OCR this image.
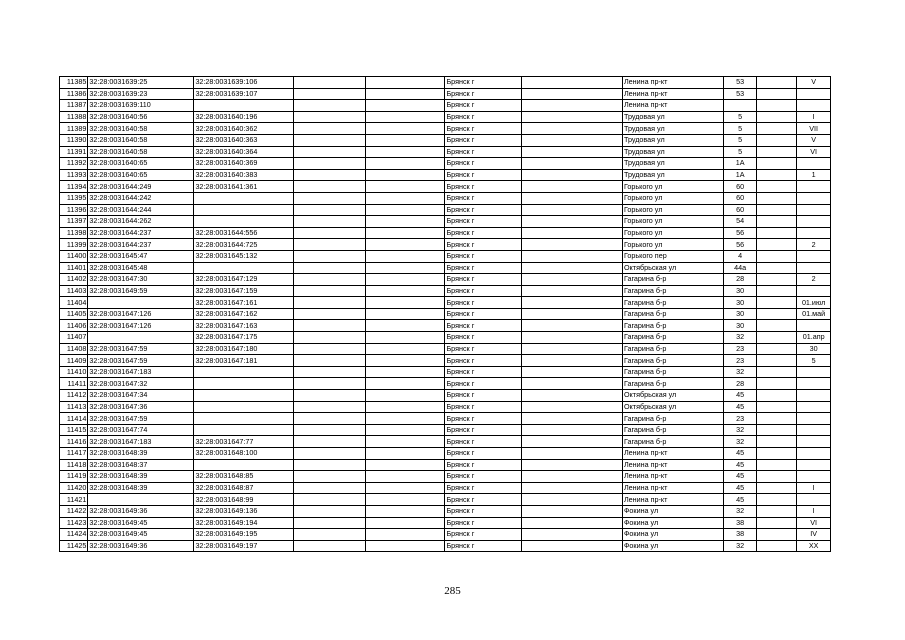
11385	32:28:0031639:25	32:28:0031639:106			Брянск г		Ленина пр-кт	53		V
11386	32:28:0031639:23	32:28:0031639:107			Брянск г		Ленина пр-кт	53		
11387	32:28:0031639:110				Брянск г		Ленина пр-кт			
11388	32:28:0031640:56	32:28:0031640:196			Брянск г		Трудовая ул	5		I
11389	32:28:0031640:58	32:28:0031640:362			Брянск г		Трудовая ул	5		VII
11390	32:28:0031640:58	32:28:0031640:363			Брянск г		Трудовая ул	5		V
11391	32:28:0031640:58	32:28:0031640:364			Брянск г		Трудовая ул	5		VI
11392	32:28:0031640:65	32:28:0031640:369			Брянск г		Трудовая ул	1А		
11393	32:28:0031640:65	32:28:0031640:383			Брянск г		Трудовая ул	1А		1
11394	32:28:0031644:249	32:28:0031641:361			Брянск г		Горького ул	60		
11395	32:28:0031644:242				Брянск г		Горького ул	60		
11396	32:28:0031644:244				Брянск г		Горького ул	60		
11397	32:28:0031644:262				Брянск г		Горького ул	54		
11398	32:28:0031644:237	32:28:0031644:556			Брянск г		Горького ул	56		
11399	32:28:0031644:237	32:28:0031644:725			Брянск г		Горького ул	56		2
11400	32:28:0031645:47	32:28:0031645:132			Брянск г		Горького пер	4		
11401	32:28:0031645:48				Брянск г		Октябрьская ул	44а		
11402	32:28:0031647:30	32:28:0031647:129			Брянск г		Гагарина б-р	28		2
11403	32:28:0031649:59	32:28:0031647:159			Брянск г		Гагарина б-р	30		
11404		32:28:0031647:161			Брянск г		Гагарина б-р	30		01.июл
11405	32:28:0031647:126	32:28:0031647:162			Брянск г		Гагарина б-р	30		01.май
11406	32:28:0031647:126	32:28:0031647:163			Брянск г		Гагарина б-р	30		
11407		32:28:0031647:175			Брянск г		Гагарина б-р	32		01.апр
11408	32:28:0031647:59	32:28:0031647:180			Брянск г		Гагарина б-р	23		30
11409	32:28:0031647:59	32:28:0031647:181			Брянск г		Гагарина б-р	23		5
11410	32:28:0031647:183				Брянск г		Гагарина б-р	32		
11411	32:28:0031647:32				Брянск г		Гагарина б-р	28		
11412	32:28:0031647:34				Брянск г		Октябрьская ул	45		
11413	32:28:0031647:36				Брянск г		Октябрьская ул	45		
11414	32:28:0031647:59				Брянск г		Гагарина б-р	23		
11415	32:28:0031647:74				Брянск г		Гагарина б-р	32		
11416	32:28:0031647:183	32:28:0031647:77			Брянск г		Гагарина б-р	32		
11417	32:28:0031648:39	32:28:0031648:100			Брянск г		Ленина пр-кт	45		
11418	32:28:0031648:37				Брянск г		Ленина пр-кт	45		
11419	32:28:0031648:39	32:28:0031648:85			Брянск г		Ленина пр-кт	45		
11420	32:28:0031648:39	32:28:0031648:87			Брянск г		Ленина пр-кт	45		I
11421		32:28:0031648:99			Брянск г		Ленина пр-кт	45		
11422	32:28:0031649:36	32:28:0031649:136			Брянск г		Фокина ул	32		I
11423	32:28:0031649:45	32:28:0031649:194			Брянск г		Фокина ул	38		VI
11424	32:28:0031649:45	32:28:0031649:195			Брянск г		Фокина ул	38		IV
11425	32:28:0031649:36	32:28:0031649:197			Брянск г		Фокина ул	32		XX
285
